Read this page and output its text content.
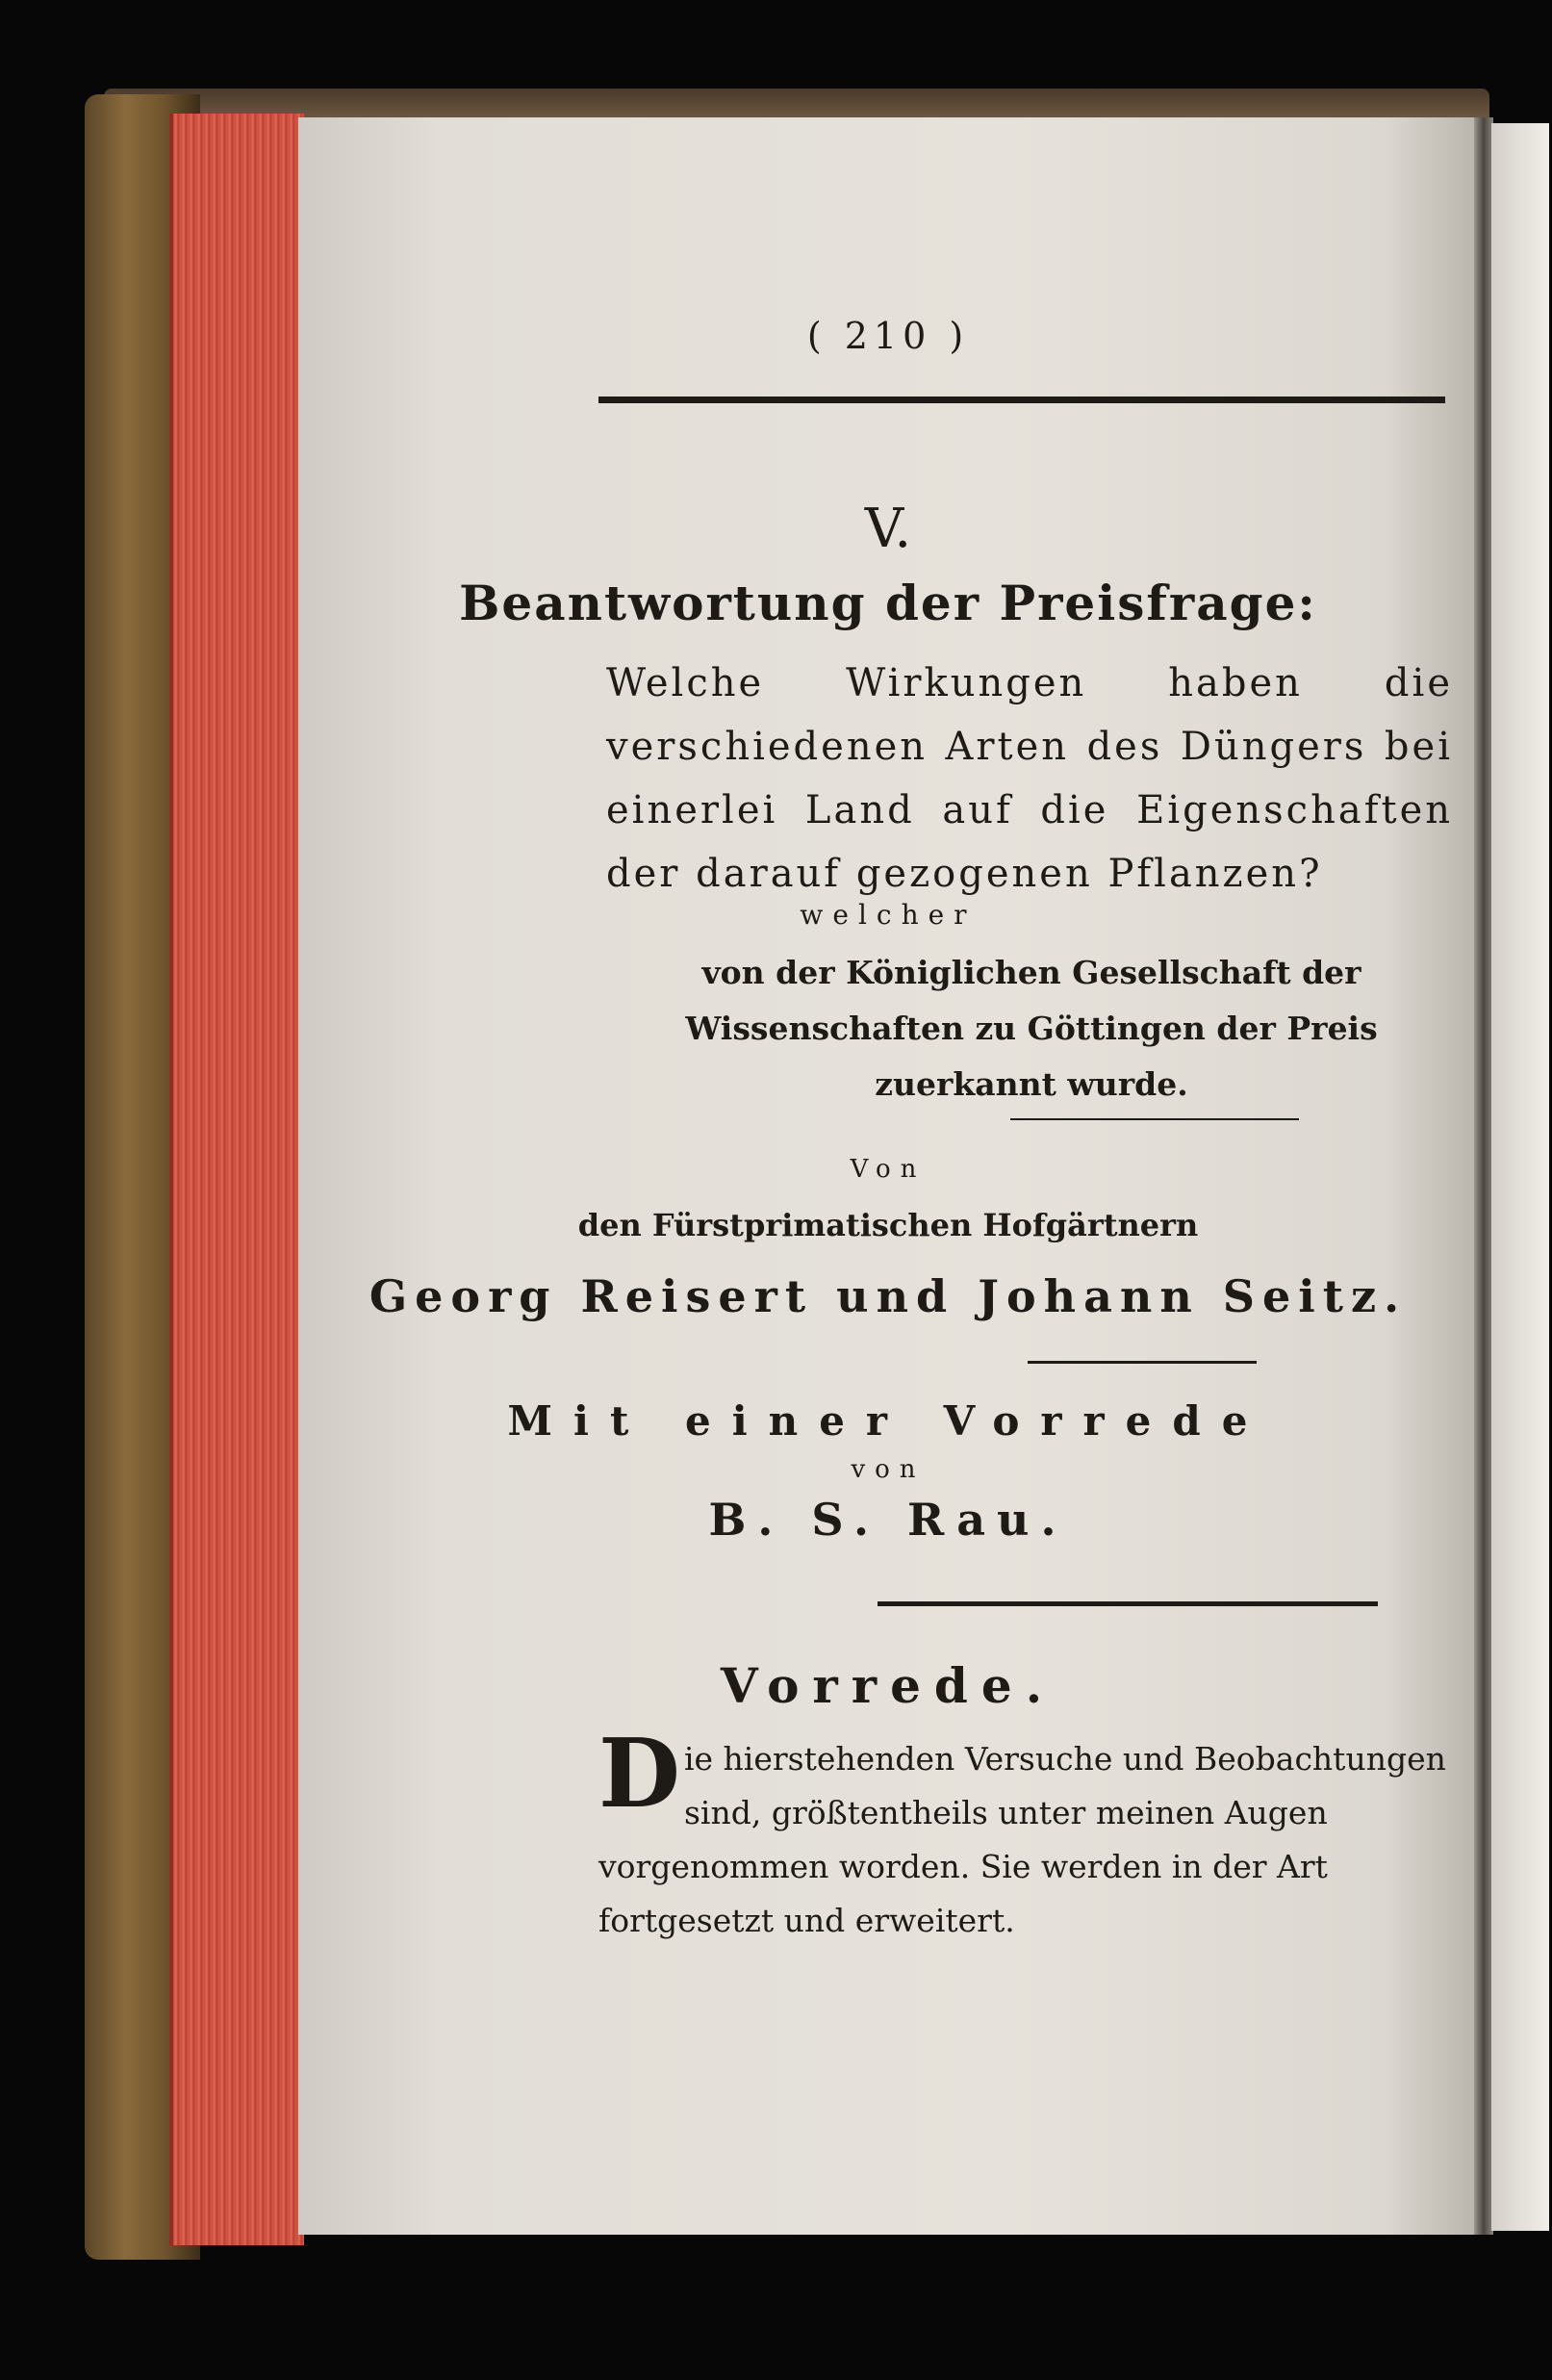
( 210 )
V.
Beantwortung der Preisfrage:
Welche Wirkungen haben die verschiedenen Arten des Düngers bei einerlei Land auf die Eigenschaften der darauf gezogenen Pflanzen?
welcher
von der Königlichen Gesellschaft der Wissenschaften zu Göttingen der Preis zuerkannt wurde.
Von
den Fürstprimatischen Hofgärtnern
Georg Reisert und Johann Seitz.
Mit einer Vorrede
von
B. S. Rau.
Vorrede.
Die hierstehenden Versuche und Beobachtungen sind, größtentheils unter meinen Augen vorgenommen worden. Sie werden in der Art fortgesetzt und erweitert.
